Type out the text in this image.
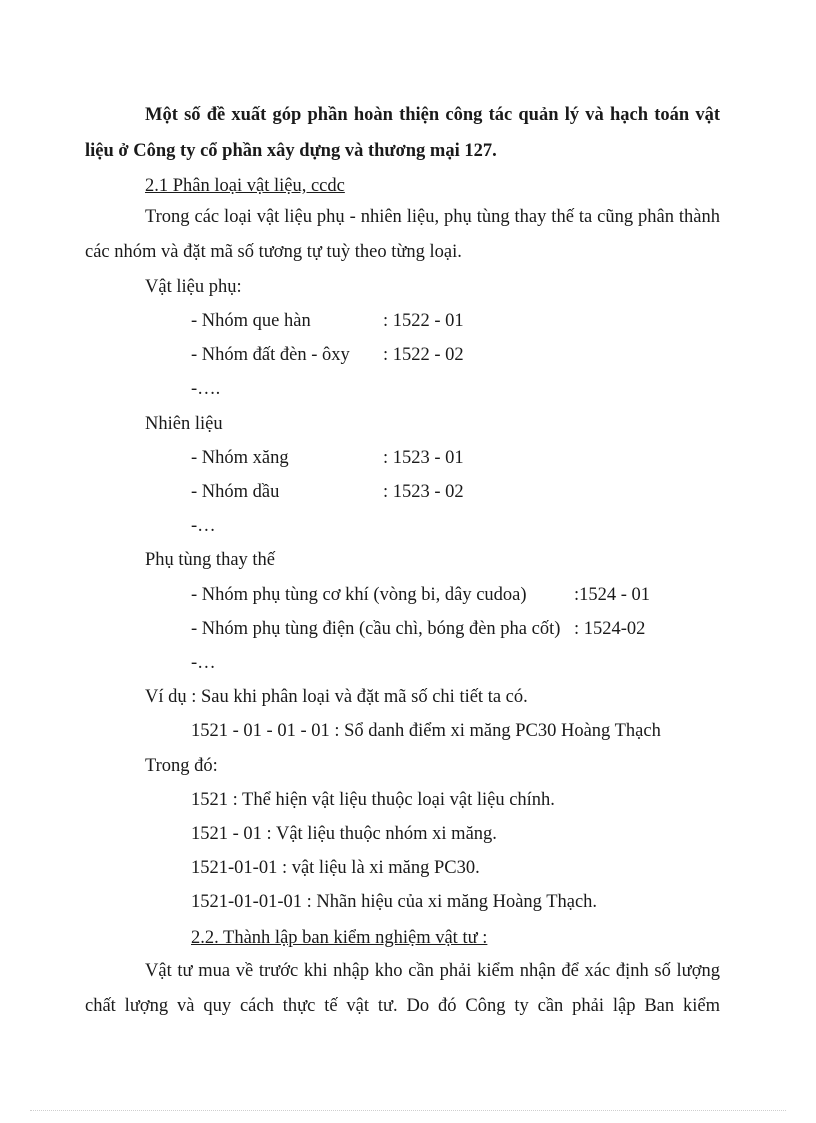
Một số đề xuất góp phần hoàn thiện công tác quản lý và hạch toán vật
liệu ở Công ty cổ phần xây dựng và thương mại 127.
2.1 Phân loại vật liệu, ccdc
Trong các loại vật liệu phụ - nhiên liệu, phụ tùng thay thế ta cũng phân thành
các nhóm và đặt mã số tương tự tuỳ theo từng loại.
Vật liệu phụ:
- Nhóm que hàn	: 1522 - 01
- Nhóm đất đèn - ôxy : 1522 - 02
-….
Nhiên liệu
- Nhóm xăng	: 1523 - 01
- Nhóm dầu	: 1523 - 02
-…
Phụ tùng thay thế
- Nhóm phụ tùng cơ khí (vòng bi, dây cudoa)	:1524 - 01
- Nhóm phụ tùng điện (cầu chì, bóng đèn pha cốt) : 1524-02
-…
Ví dụ : Sau khi phân loại và đặt mã số chi tiết ta có.
1521 - 01 - 01 - 01 : Sổ danh điểm xi măng PC30 Hoàng Thạch
Trong đó:
1521 : Thể hiện vật liệu thuộc loại vật liệu chính.
1521 - 01 : Vật liệu thuộc nhóm xi măng.
1521-01-01 : vật liệu là xi măng PC30.
1521-01-01-01 : Nhãn hiệu của xi măng Hoàng Thạch.
2.2. Thành lập ban kiểm nghiệm vật tư :
Vật tư mua về trước khi nhập kho cần phải kiểm nhận để xác định số lượng
chất lượng và quy cách thực tế vật tư. Do đó Công ty cần phải lập Ban kiểm
